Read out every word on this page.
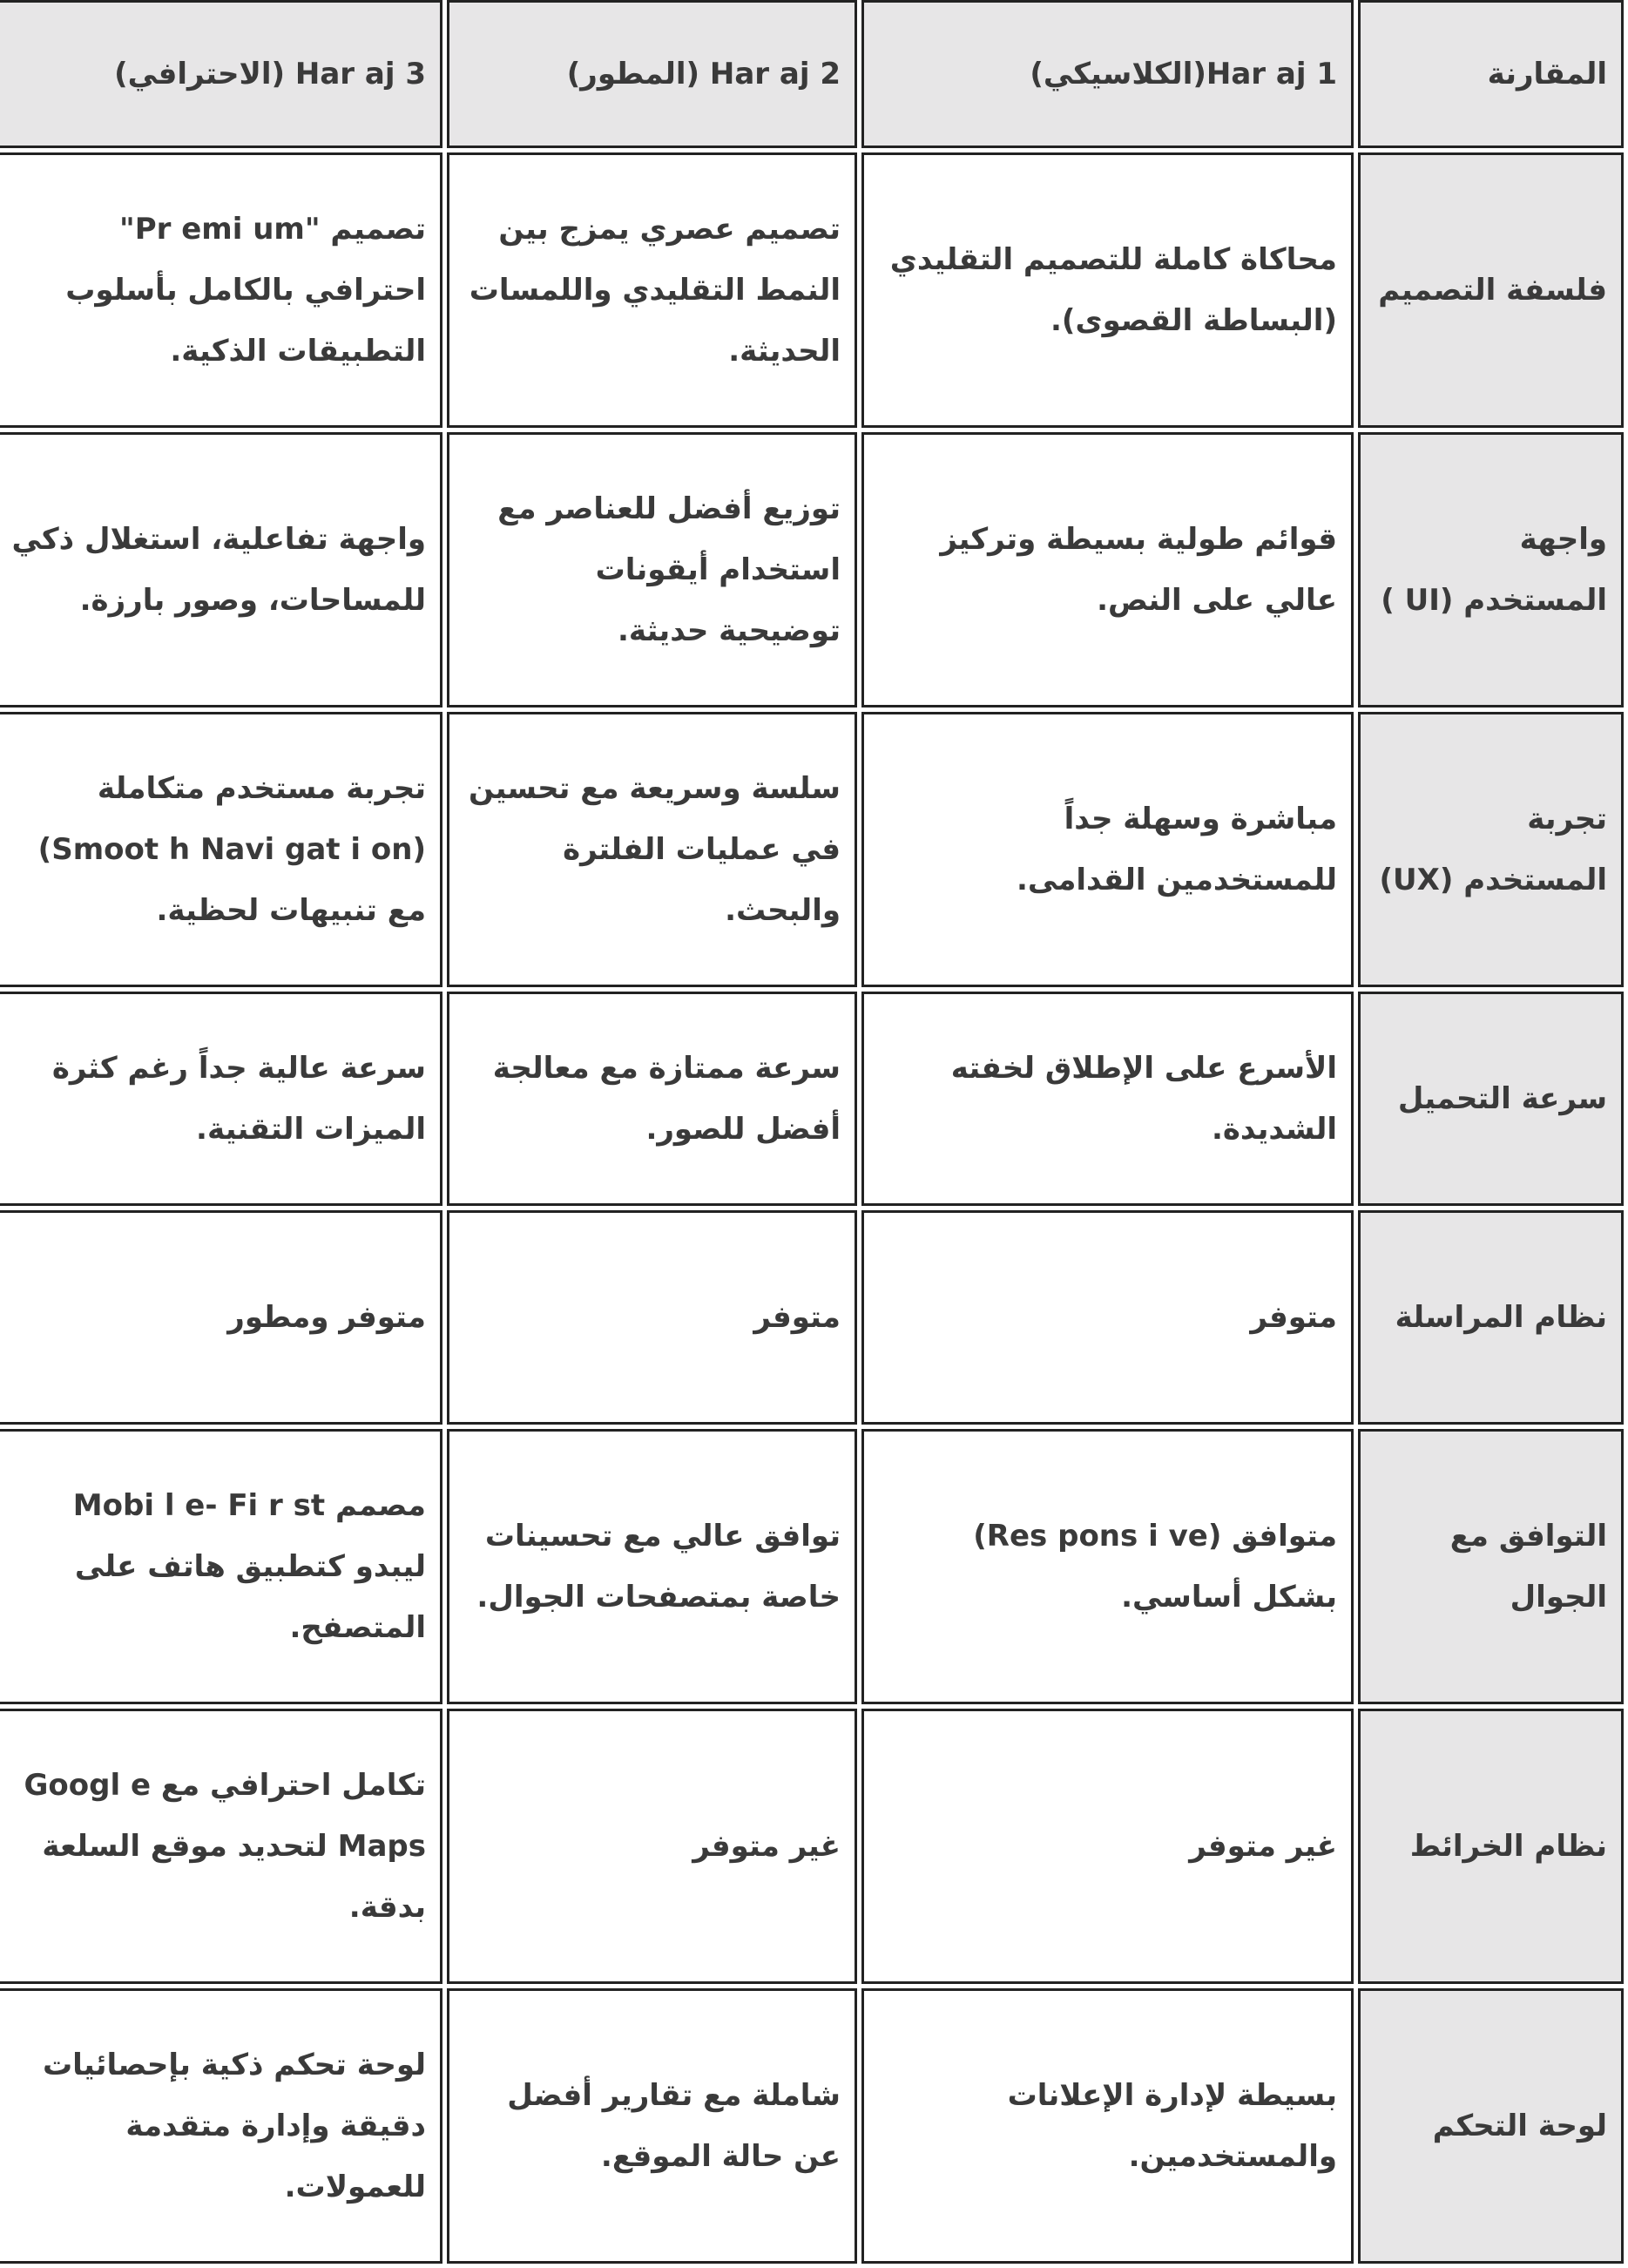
المقارنة	Har aj 1(الكلاسيكي)	Har aj 2 (المطور)	Har aj 3 (الاحترافي)
فلسفة التصميم	محاكاة كاملة للتصميم التقليدي (البساطة القصوى).	تصميم عصري يمزج بين النمط التقليدي واللمسات الحديثة.	تصميم "Pr emi um" احترافي بالكامل بأسلوب التطبيقات الذكية.
واجهة المستخدم (UI )	قوائم طولية بسيطة وتركيز عالي على النص.	توزيع أفضل للعناصر مع استخدام أيقونات توضيحية حديثة.	واجهة تفاعلية، استغلال ذكي للمساحات، وصور بارزة.
تجربة المستخدم (UX)	مباشرة وسهلة جداً للمستخدمين القدامى.	سلسة وسريعة مع تحسين في عمليات الفلترة والبحث.	تجربة مستخدم متكاملة (Smoot h Navi gat i on) مع تنبيهات لحظية.
سرعة التحميل	الأسرع على الإطلاق لخفته الشديدة.	سرعة ممتازة مع معالجة أفضل للصور.	سرعة عالية جداً رغم كثرة الميزات التقنية.
نظام المراسلة	متوفر	متوفر	متوفر ومطور
التوافق مع الجوال	متوافق (Res pons i ve) بشكل أساسي.	توافق عالي مع تحسينات خاصة بمتصفحات الجوال.	مصمم Mobi l e- Fi r st ليبدو كتطبيق هاتف على المتصفح.
نظام الخرائط	غير متوفر	غير متوفر	تكامل احترافي مع Googl e Maps لتحديد موقع السلعة بدقة.
لوحة التحكم	بسيطة لإدارة الإعلانات والمستخدمين.	شاملة مع تقارير أفضل عن حالة الموقع.	لوحة تحكم ذكية بإحصائيات دقيقة وإدارة متقدمة للعمولات.
